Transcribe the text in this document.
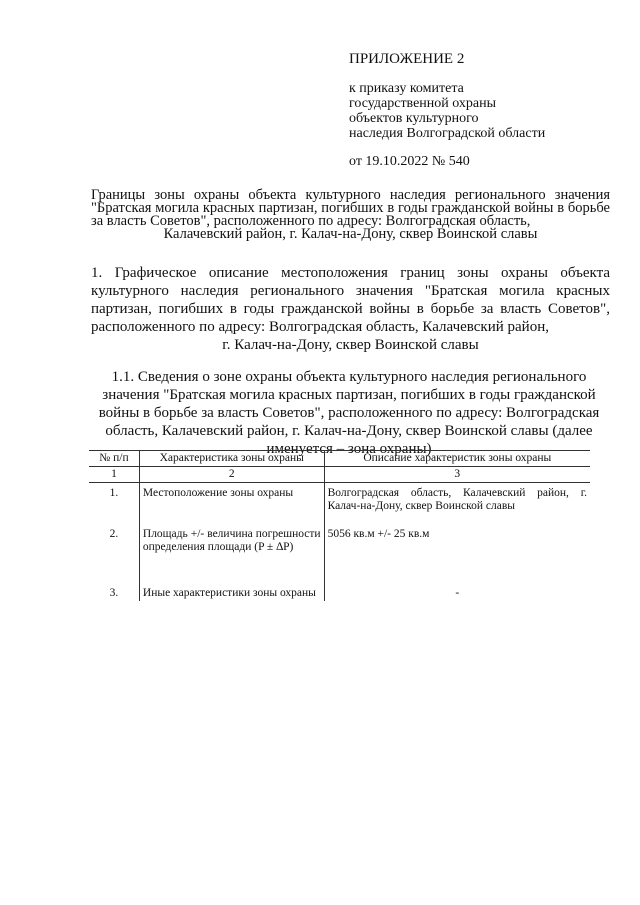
ПРИЛОЖЕНИЕ 2
к приказу комитета
государственной охраны
объектов культурного
наследия Волгоградской области
от 19.10.2022 № 540
Границы зоны охраны объекта культурного наследия регионального значения "Братская могила красных партизан, погибших в годы гражданской войны в борьбе за власть Советов", расположенного по адресу: Волгоградская область,
Калачевский район, г. Калач-на-Дону, сквер Воинской славы
1. Графическое описание местоположения границ зоны охраны объекта культурного наследия регионального значения "Братская могила красных партизан, погибших в годы гражданской войны в борьбе за власть Советов", расположенного по адресу: Волгоградская область, Калачевский район,
г. Калач-на-Дону, сквер Воинской славы
1.1. Сведения о зоне охраны объекта культурного наследия регионального значения "Братская могила красных партизан, погибших в годы гражданской войны в борьбе за власть Советов", расположенного по адресу: Волгоградская область, Калачевский район, г. Калач-на-Дону, сквер Воинской славы (далее именуется – зона охраны)
№ п/п	Характеристика зоны охраны	Описание характеристик зоны охраны
1	2	3
1.	Местоположение зоны охраны	Волгоградская область, Калачевский район, г. Калач-на-Дону, сквер Воинской славы
2.	Площадь +/- величина погрешности определения площади (P ± ∆P)	5056 кв.м +/- 25 кв.м
3.	Иные характеристики зоны охраны	-
